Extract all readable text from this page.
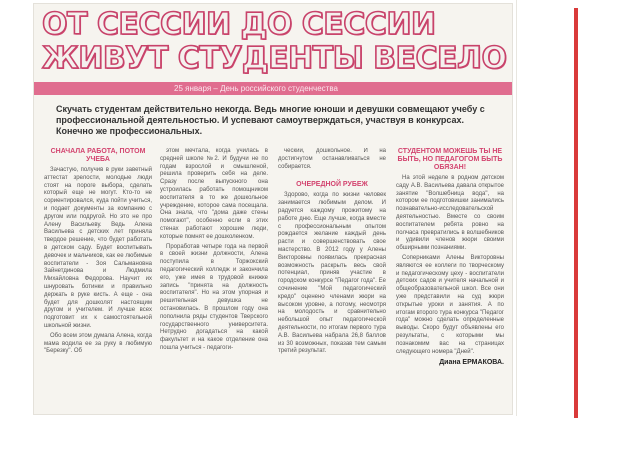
ОТ СЕССИИ ДО СЕССИИ
ЖИВУТ СТУДЕНТЫ ВЕСЕЛО
25 января – День российского студенчества

Скучать студентам действительно некогда. Ведь многие юноши и девушки совмещают учебу с профессиональной деятельностью. И успевают самоутверждаться, участвуя в конкурсах. Конечно же профессиональных.

СНАЧАЛА РАБОТА, ПОТОМ УЧЕБА

Зачастую, получив в руки заветный аттестат зрелости, молодые люди стоят на пороге выбора, сделать который еще не могут. Кто-то не сориентировался, куда пойти учиться, и подает документы за компанию с другом или подругой. Но это не про Алену Васильеву. Ведь Алена Васильева с детских лет приняла твердое решение, что будет работать в детском саду. Будет воспитывать девочек и мальчиков, как ее любимые воспитатели - Зоя Сальмановна Зайнетдинова и Людмила Михайловна Федорова. Научит их шнуровать ботинки и правильно держать в руке кисть. А еще - она будет для дошколят настоящим другом и учителем. И лучше всех подготовит их к самостоятельной школьной жизни.

Обо всем этом думала Алена, когда мама водила ее за руку в любимую "Березку". Об

этом мечтала, когда училась в средней школе №2. И будучи не по годам взрослой и смышленой, решила проверить себя на деле. Сразу после выпускного она устроилась работать помощником воспитателя в то же дошкольное учреждение, которое сама посещала. Она знала, что "дома даже стены помогают", особенно если в этих стенах работают хорошие люди, которые помнят ее дошколенком.

Проработав четыре года на первой в своей жизни должности, Алена поступила в Торжокский педагогический колледж и закончила его, уже имея в трудовой книжке запись "принята на должность воспитателя". Но на этом упорная и решительная девушка не остановилась. В прошлом году она пополнила ряды студентов Тверского государственного университета. Нетрудно догадаться на какой факультет и на какое отделение она пошла учиться - педагоги-

ческий, дошкольное. И на достигнутом останавливаться не собирается.

ОЧЕРЕДНОЙ РУБЕЖ

Здорово, когда по жизни человек занимается любимым делом. И радуется каждому прожитому на работе дню. Еще лучше, когда вместе с профессиональным опытом рождается желание каждый день расти и совершенствовать свое мастерство. В 2012 году у Алены Викторовны появилась прекрасная возможность раскрыть весь свой потенциал, приняв участие в городском конкурсе "Педагог года". Ее сочинение "Мой педагогический кредо" оценено членами жюри на высоком уровне, а потому, несмотря на молодость и сравнительно небольшой опыт педагогической деятельности, по итогам первого тура А.В. Васильева набрала 26,8 баллов из 30 возможных, показав тем самым третий результат.

СТУДЕНТОМ МОЖЕШЬ ТЫ НЕ БЫТЬ, НО ПЕДАГОГОМ БЫТЬ ОБЯЗАН!

На этой неделе в родном детском саду А.В. Васильева давала открытое занятие "Волшебница вода", на котором ее подготовишки занимались познавательно-исследовательской деятельностью. Вместе со своим воспитателем ребята ровно на полчаса превратились в волшебников и удивили членов жюри своими обширными познаниями.

Соперниками Алены Викторовны являются ее коллеги по творческому и педагогическому цеху - воспитатели детских садов и учителя начальной и общеобразовательной школ. Все они уже представили на суд жюри открытые уроки и занятия. А по итогам второго тура конкурса "Педагог года" можно сделать определенные выводы. Скоро будут объявлены его результаты, с которыми мы познакомим вас на страницах следующего номера "Дней".

Диана ЕРМАКОВА.
